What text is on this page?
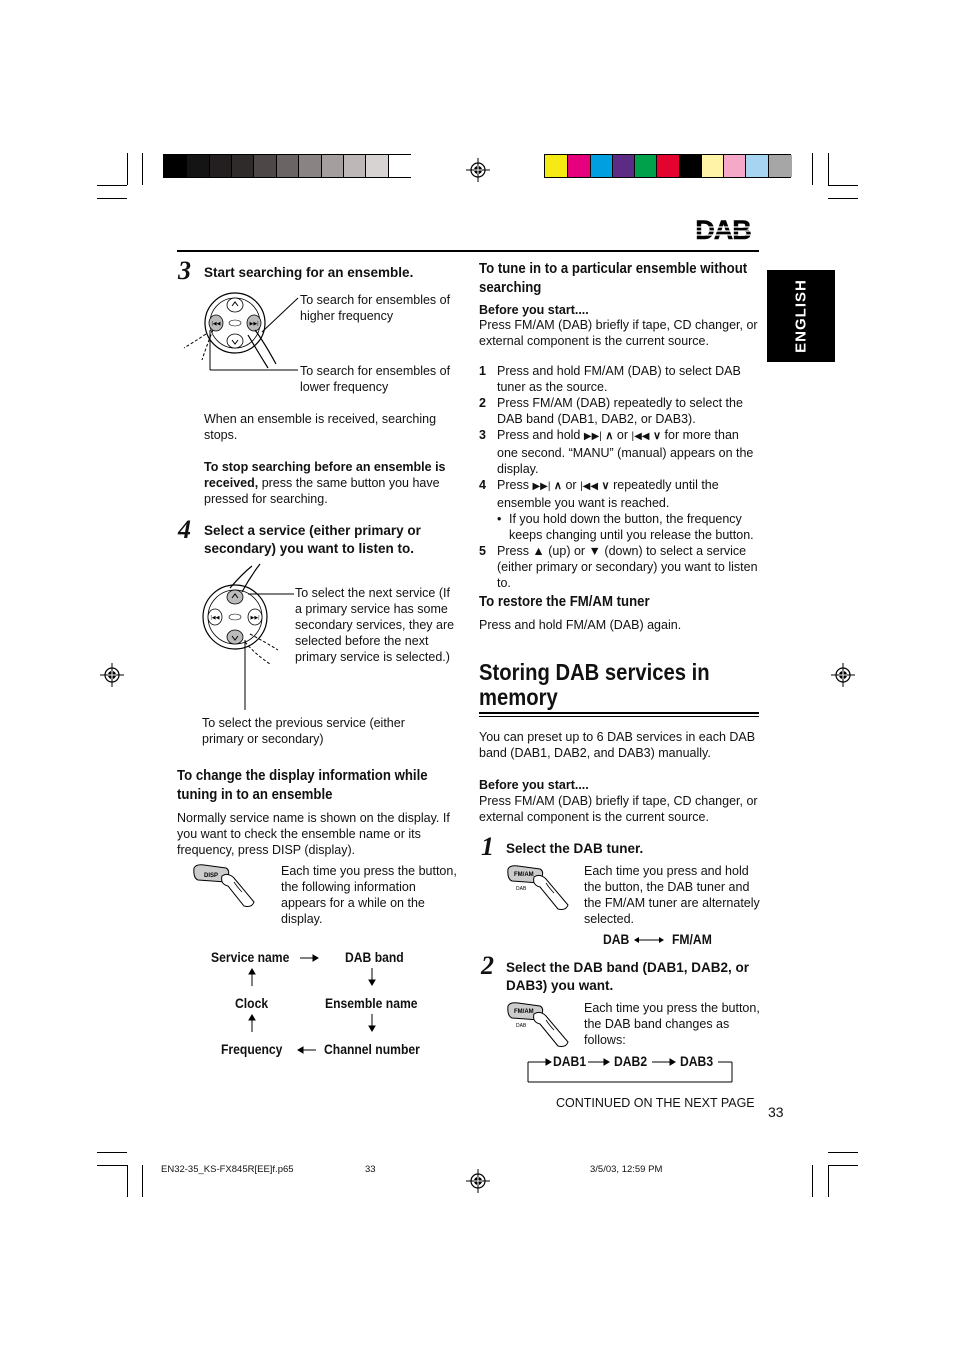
DAB
ENGLISH
3 Start searching for an ensemble.
|◀◀	▶▶|
To search for ensembles of higher frequency
To search for ensembles of lower frequency
When an ensemble is received, searching stops.
To stop searching before an ensemble is received, press the same button you have pressed for searching.
4 Select a service (either primary or secondary) you want to listen to.
|◀◀	▶▶|
To select the next service (If a primary service has some secondary services, they are selected before the next primary service is selected.)
To select the previous service (either primary or secondary)
To change the display information while tuning in to an ensemble
Normally service name is shown on the display. If you want to check the ensemble name or its frequency, press DISP (display).
DISP	Each time you press the button, the following information appears for a while on the display.
Service name	DAB band
Clock	Ensemble name
Frequency	Channel number
To tune in to a particular ensemble without searching
Before you start....
Press FM/AM (DAB) briefly if tape, CD changer, or external component is the current source.
1 Press and hold FM/AM (DAB) to select DAB tuner as the source.
2 Press FM/AM (DAB) repeatedly to select the DAB band (DAB1, DAB2, or DAB3).
3 Press and hold ▶▶| ∧ or |◀◀ ∨ for more than one second. “MANU” (manual) appears on the display.
4 Press ▶▶| ∧ or |◀◀ ∨ repeatedly until the ensemble you want is reached.
• If you hold down the button, the frequency keeps changing until you release the button.
5 Press ▲ (up) or ▼ (down) to select a service (either primary or secondary) you want to listen to.
To restore the FM/AM tuner
Press and hold FM/AM (DAB) again.
Storing DAB services in memory
You can preset up to 6 DAB services in each DAB band (DAB1, DAB2, and DAB3) manually.
Before you start....
Press FM/AM (DAB) briefly if tape, CD changer, or external component is the current source.
1 Select the DAB tuner.
FM/AM
DAB
Each time you press and hold the button, the DAB tuner and the FM/AM tuner are alternately selected.
DAB	FM/AM
2 Select the DAB band (DAB1, DAB2, or DAB3) you want.
FM/AM
DAB
Each time you press the button, the DAB band changes as follows:
DAB1 DAB2 DAB3
CONTINUED ON THE NEXT PAGE
33
EN32-35_KS-FX845R[EE]f.p65	33	3/5/03, 12:59 PM
